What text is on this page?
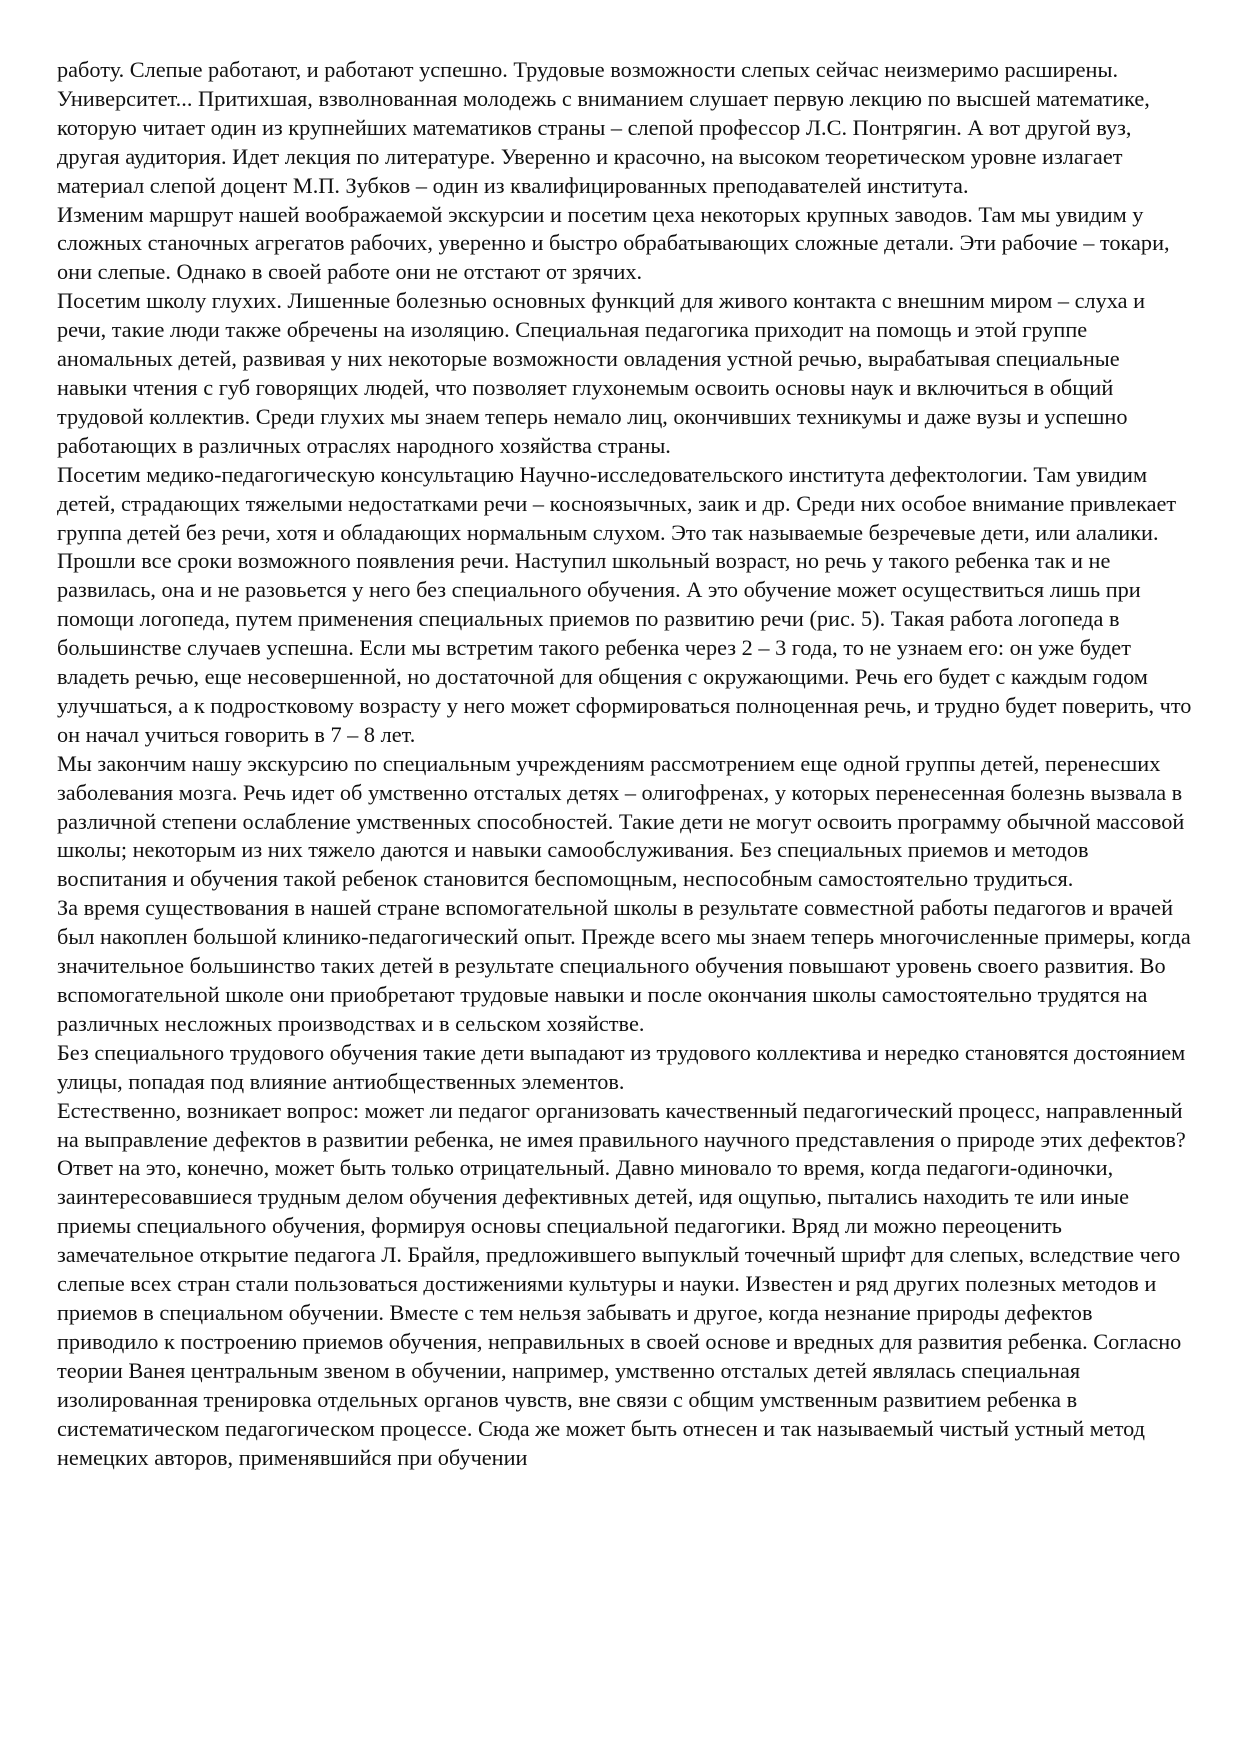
работу. Слепые работают, и работают успешно. Трудовые возможности слепых сейчас неизмеримо расширены.

Университет... Притихшая, взволнованная молодежь с вниманием слушает первую лекцию по высшей математике, которую читает один из крупнейших математиков страны – слепой профессор Л.С. Понтрягин. А вот другой вуз, другая аудитория. Идет лекция по литературе. Уверенно и красочно, на высоком теоретическом уровне излагает материал слепой доцент М.П. Зубков – один из квалифицированных преподавателей института.

Изменим маршрут нашей воображаемой экскурсии и посетим цеха некоторых крупных заводов. Там мы увидим у сложных станочных агрегатов рабочих, уверенно и быстро обрабатывающих сложные детали. Эти рабочие – токари, они слепые. Однако в своей работе они не отстают от зрячих.

Посетим школу глухих. Лишенные болезнью основных функций для живого контакта с внешним миром – слуха и речи, такие люди также обречены на изоляцию. Специальная педагогика приходит на помощь и этой группе аномальных детей, развивая у них некоторые возможности овладения устной речью, вырабатывая специальные навыки чтения с губ говорящих людей, что позволяет глухонемым освоить основы наук и включиться в общий трудовой коллектив. Среди глухих мы знаем теперь немало лиц, окончивших техникумы и даже вузы и успешно работающих в различных отраслях народного хозяйства страны.

Посетим медико-педагогическую консультацию Научно-исследовательского института дефектологии. Там увидим детей, страдающих тяжелыми недостатками речи – косноязычных, заик и др. Среди них особое внимание привлекает группа детей без речи, хотя и обладающих нормальным слухом. Это так называемые безречевые дети, или алалики. Прошли все сроки возможного появления речи. Наступил школьный возраст, но речь у такого ребенка так и не развилась, она и не разовьется у него без специального обучения. А это обучение может осуществиться лишь при помощи логопеда, путем применения специальных приемов по развитию речи (рис. 5). Такая работа логопеда в большинстве случаев успешна. Если мы встретим такого ребенка через 2 – 3 года, то не узнаем его: он уже будет владеть речью, еще несовершенной, но достаточной для общения с окружающими. Речь его будет с каждым годом улучшаться, а к подростковому возрасту у него может сформироваться полноценная речь, и трудно будет поверить, что он начал учиться говорить в 7 – 8 лет.

Мы закончим нашу экскурсию по специальным учреждениям рассмотрением еще одной группы детей, перенесших заболевания мозга. Речь идет об умственно отсталых детях – олигофренах, у которых перенесенная болезнь вызвала в различной степени ослабление умственных способностей. Такие дети не могут освоить программу обычной массовой школы; некоторым из них тяжело даются и навыки самообслуживания. Без специальных приемов и методов воспитания и обучения такой ребенок становится беспомощным, неспособным самостоятельно трудиться.

За время существования в нашей стране вспомогательной школы в результате совместной работы педагогов и врачей был накоплен большой клинико-педагогический опыт. Прежде всего мы знаем теперь многочисленные примеры, когда значительное большинство таких детей в результате специального обучения повышают уровень своего развития. Во вспомогательной школе они приобретают трудовые навыки и после окончания школы самостоятельно трудятся на различных несложных производствах и в сельском хозяйстве.

Без специального трудового обучения такие дети выпадают из трудового коллектива и нередко становятся достоянием улицы, попадая под влияние антиобщественных элементов.

Естественно, возникает вопрос: может ли педагог организовать качественный педагогический процесс, направленный на выправление дефектов в развитии ребенка, не имея правильного научного представления о природе этих дефектов? Ответ на это, конечно, может быть только отрицательный. Давно миновало то время, когда педагоги-одиночки, заинтересовавшиеся трудным делом обучения дефективных детей, идя ощупью, пытались находить те или иные приемы специального обучения, формируя основы специальной педагогики. Вряд ли можно переоценить замечательное открытие педагога Л. Брайля, предложившего выпуклый точечный шрифт для слепых, вследствие чего слепые всех стран стали пользоваться достижениями культуры и науки. Известен и ряд других полезных методов и приемов в специальном обучении. Вместе с тем нельзя забывать и другое, когда незнание природы дефектов приводило к построению приемов обучения, неправильных в своей основе и вредных для развития ребенка. Согласно теории Ванея центральным звеном в обучении, например, умственно отсталых детей являлась специальная изолированная тренировка отдельных органов чувств, вне связи с общим умственным развитием ребенка в систематическом педагогическом процессе. Сюда же может быть отнесен и так называемый чистый устный метод немецких авторов, применявшийся при обучении
